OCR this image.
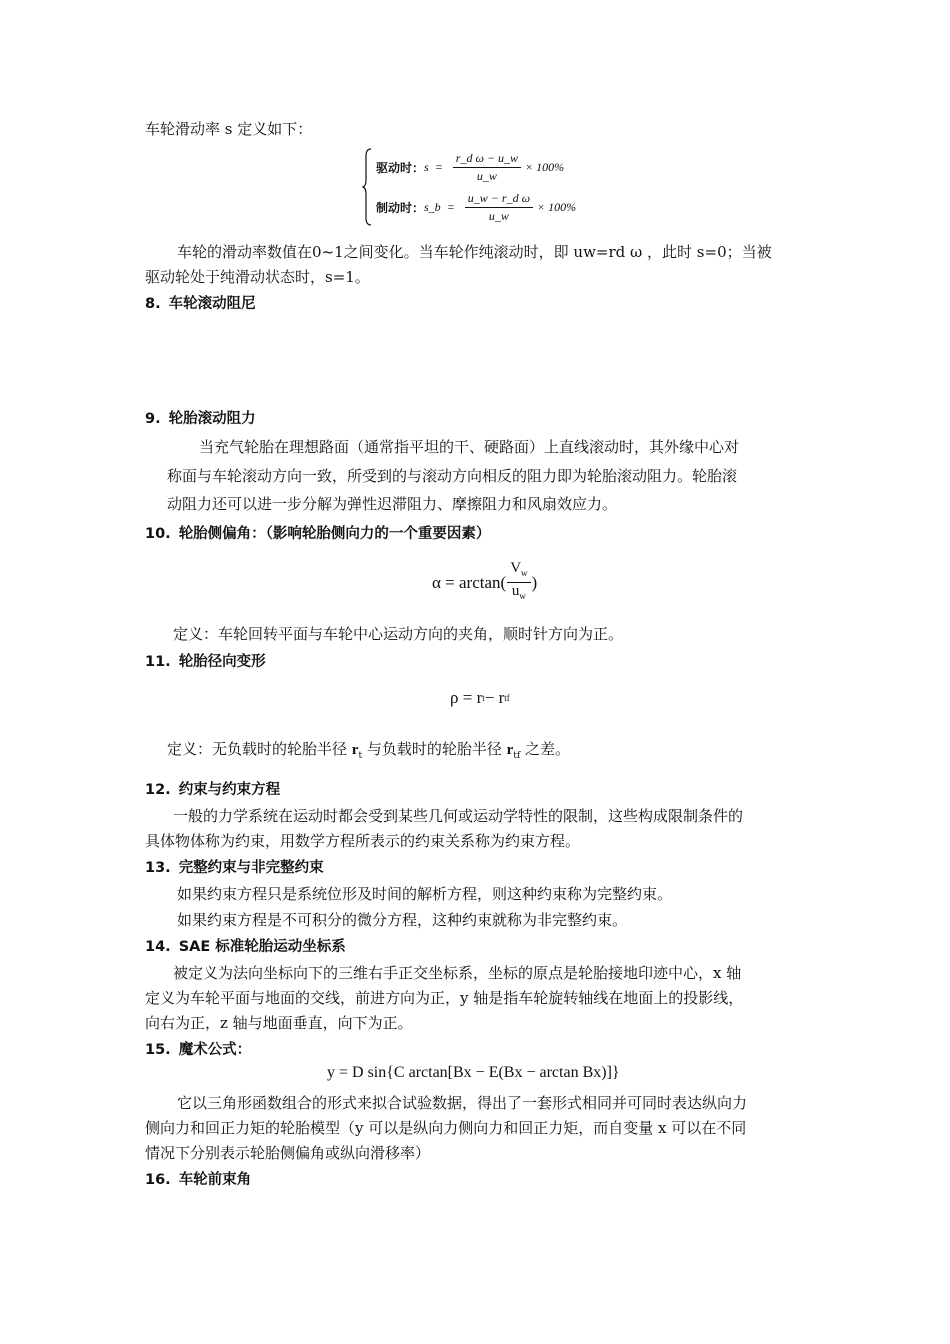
车轮滑动率 s 定义如下：
驱动时： $s = \frac{\text{r\_d ω − u\_w}}{u\_w} \times 100\%$
制动时： s_b = $\frac{\text{u\_w − r\_d ω}}{u\_w} \times 100\%$
车轮的滑动率数值在0~1之间变化。当车轮作纯滚动时，即 uw=rd ω ，此时 s=0；当被
驱动轮处于纯滑动状态时，s=1。
8. 车轮滚动阻尼
9. 轮胎滚动阻力
当充气轮胎在理想路面（通常指平坦的干、硬路面）上直线滚动时，其外缘中心对
称面与车轮滚动方向一致，所受到的与滚动方向相反的阻力即为轮胎滚动阻力。轮胎滚
动阻力还可以进一步分解为弹性迟滞阻力、摩擦阻力和风扇效应力。
10. 轮胎侧偏角：（影响轮胎侧向力的一个重要因素）
$\alpha = \arctan( \frac{V_w}{u_w}$ )
定义：车轮回转平面与车轮中心运动方向的夹角，顺时针方向为正。
11. 轮胎径向变形
ρ = r t − r tf
定义：无负载时的轮胎半径 $r_t$ 与负载时的轮胎半径 $r_{tf}$ 之差。
12. 约束与约束方程
一般的力学系统在运动时都会受到某些几何或运动学特性的限制，这些构成限制条件的
具体物体称为约束，用数学方程所表示的约束关系称为约束方程。
13. 完整约束与非完整约束
如果约束方程只是系统位形及时间的解析方程，则这种约束称为完整约束。
如果约束方程是不可积分的微分方程，这种约束就称为非完整约束。
14. SAE 标准轮胎运动坐标系
被定义为法向坐标向下的三维右手正交坐标系，坐标的原点是轮胎接地印迹中心，x 轴
定义为车轮平面与地面的交线，前进方向为正，y 轴是指车轮旋转轴线在地面上的投影线，
向右为正，z 轴与地面垂直，向下为正。
15. 魔术公式：
y = D sin{C arctan[Bx − E(Bx − arctan Bx)]}
它以三角形函数组合的形式来拟合试验数据，得出了一套形式相同并可同时表达纵向力
侧向力和回正力矩的轮胎模型（y 可以是纵向力侧向力和回正力矩，而自变量 x 可以在不同
情况下分别表示轮胎侧偏角或纵向滑移率）
16. 车轮前束角
